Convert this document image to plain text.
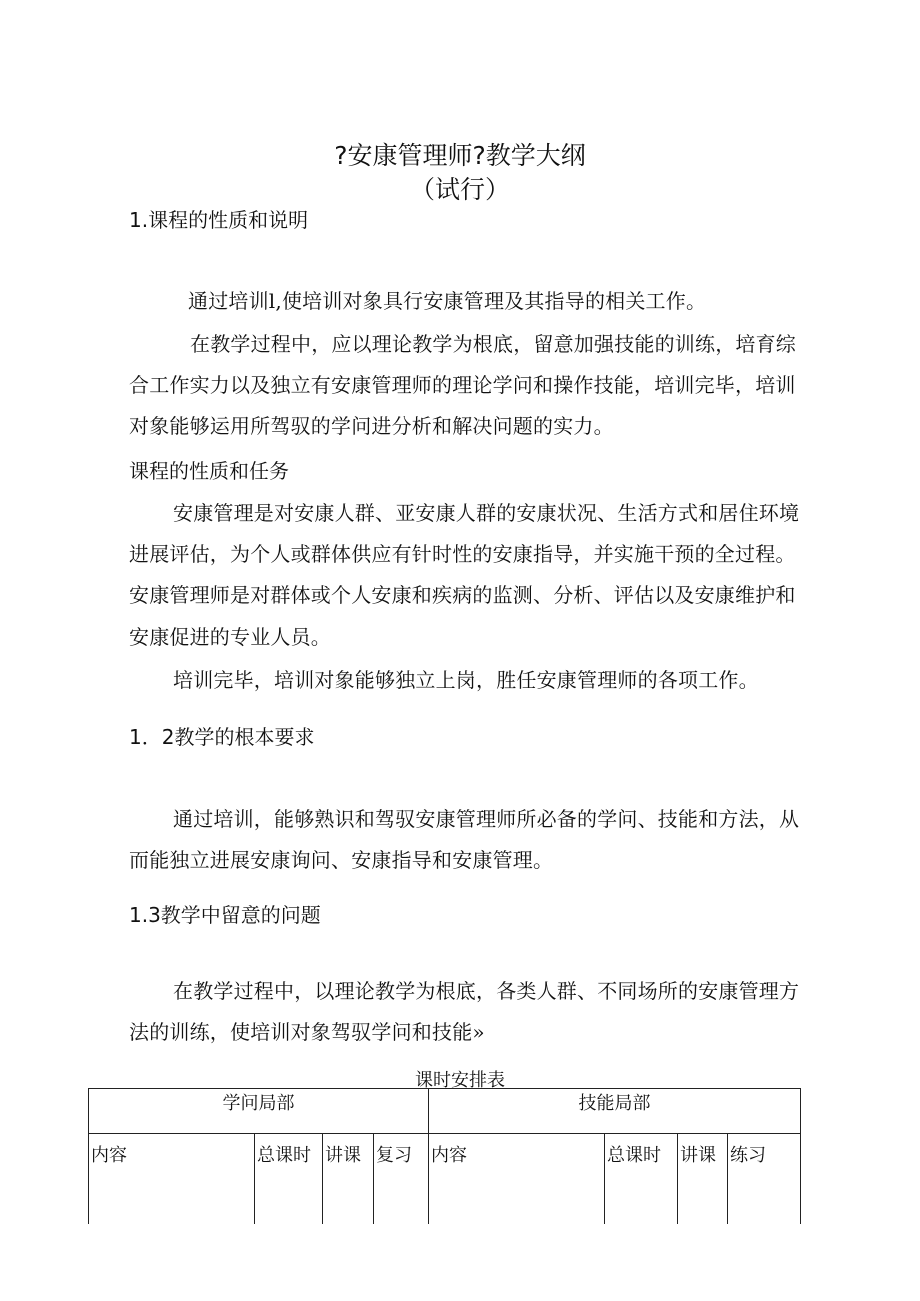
?安康管理师?教学大纲
（试行）
1.课程的性质和说明
通过培训l,使培训对象具行安康管理及其指导的相关工作。
在教学过程中，应以理论教学为根底，留意加强技能的训练，培育综
合工作实力以及独立有安康管理师的理论学问和操作技能，培训完毕，培训
对象能够运用所驾驭的学问进分析和解决问题的实力。
课程的性质和任务
安康管理是对安康人群、亚安康人群的安康状况、生活方式和居住环境
进展评估，为个人或群体供应有针时性的安康指导，并实施干预的全过程。
安康管理师是对群体或个人安康和疾病的监测、分析、评估以及安康维护和
安康促进的专业人员。
培训完毕，培训对象能够独立上岗，胜任安康管理师的各项工作。
1．2教学的根本要求
通过培训，能够熟识和驾驭安康管理师所必备的学问、技能和方法，从
而能独立进展安康询问、安康指导和安康管理。
1.3教学中留意的问题
在教学过程中，以理论教学为根底，各类人群、不同场所的安康管理方
法的训练，使培训对象驾驭学问和技能»
课时安排表
学问局部				技能局部			

内容	总课时	讲课	复习	内容	总课时	讲课	练习
